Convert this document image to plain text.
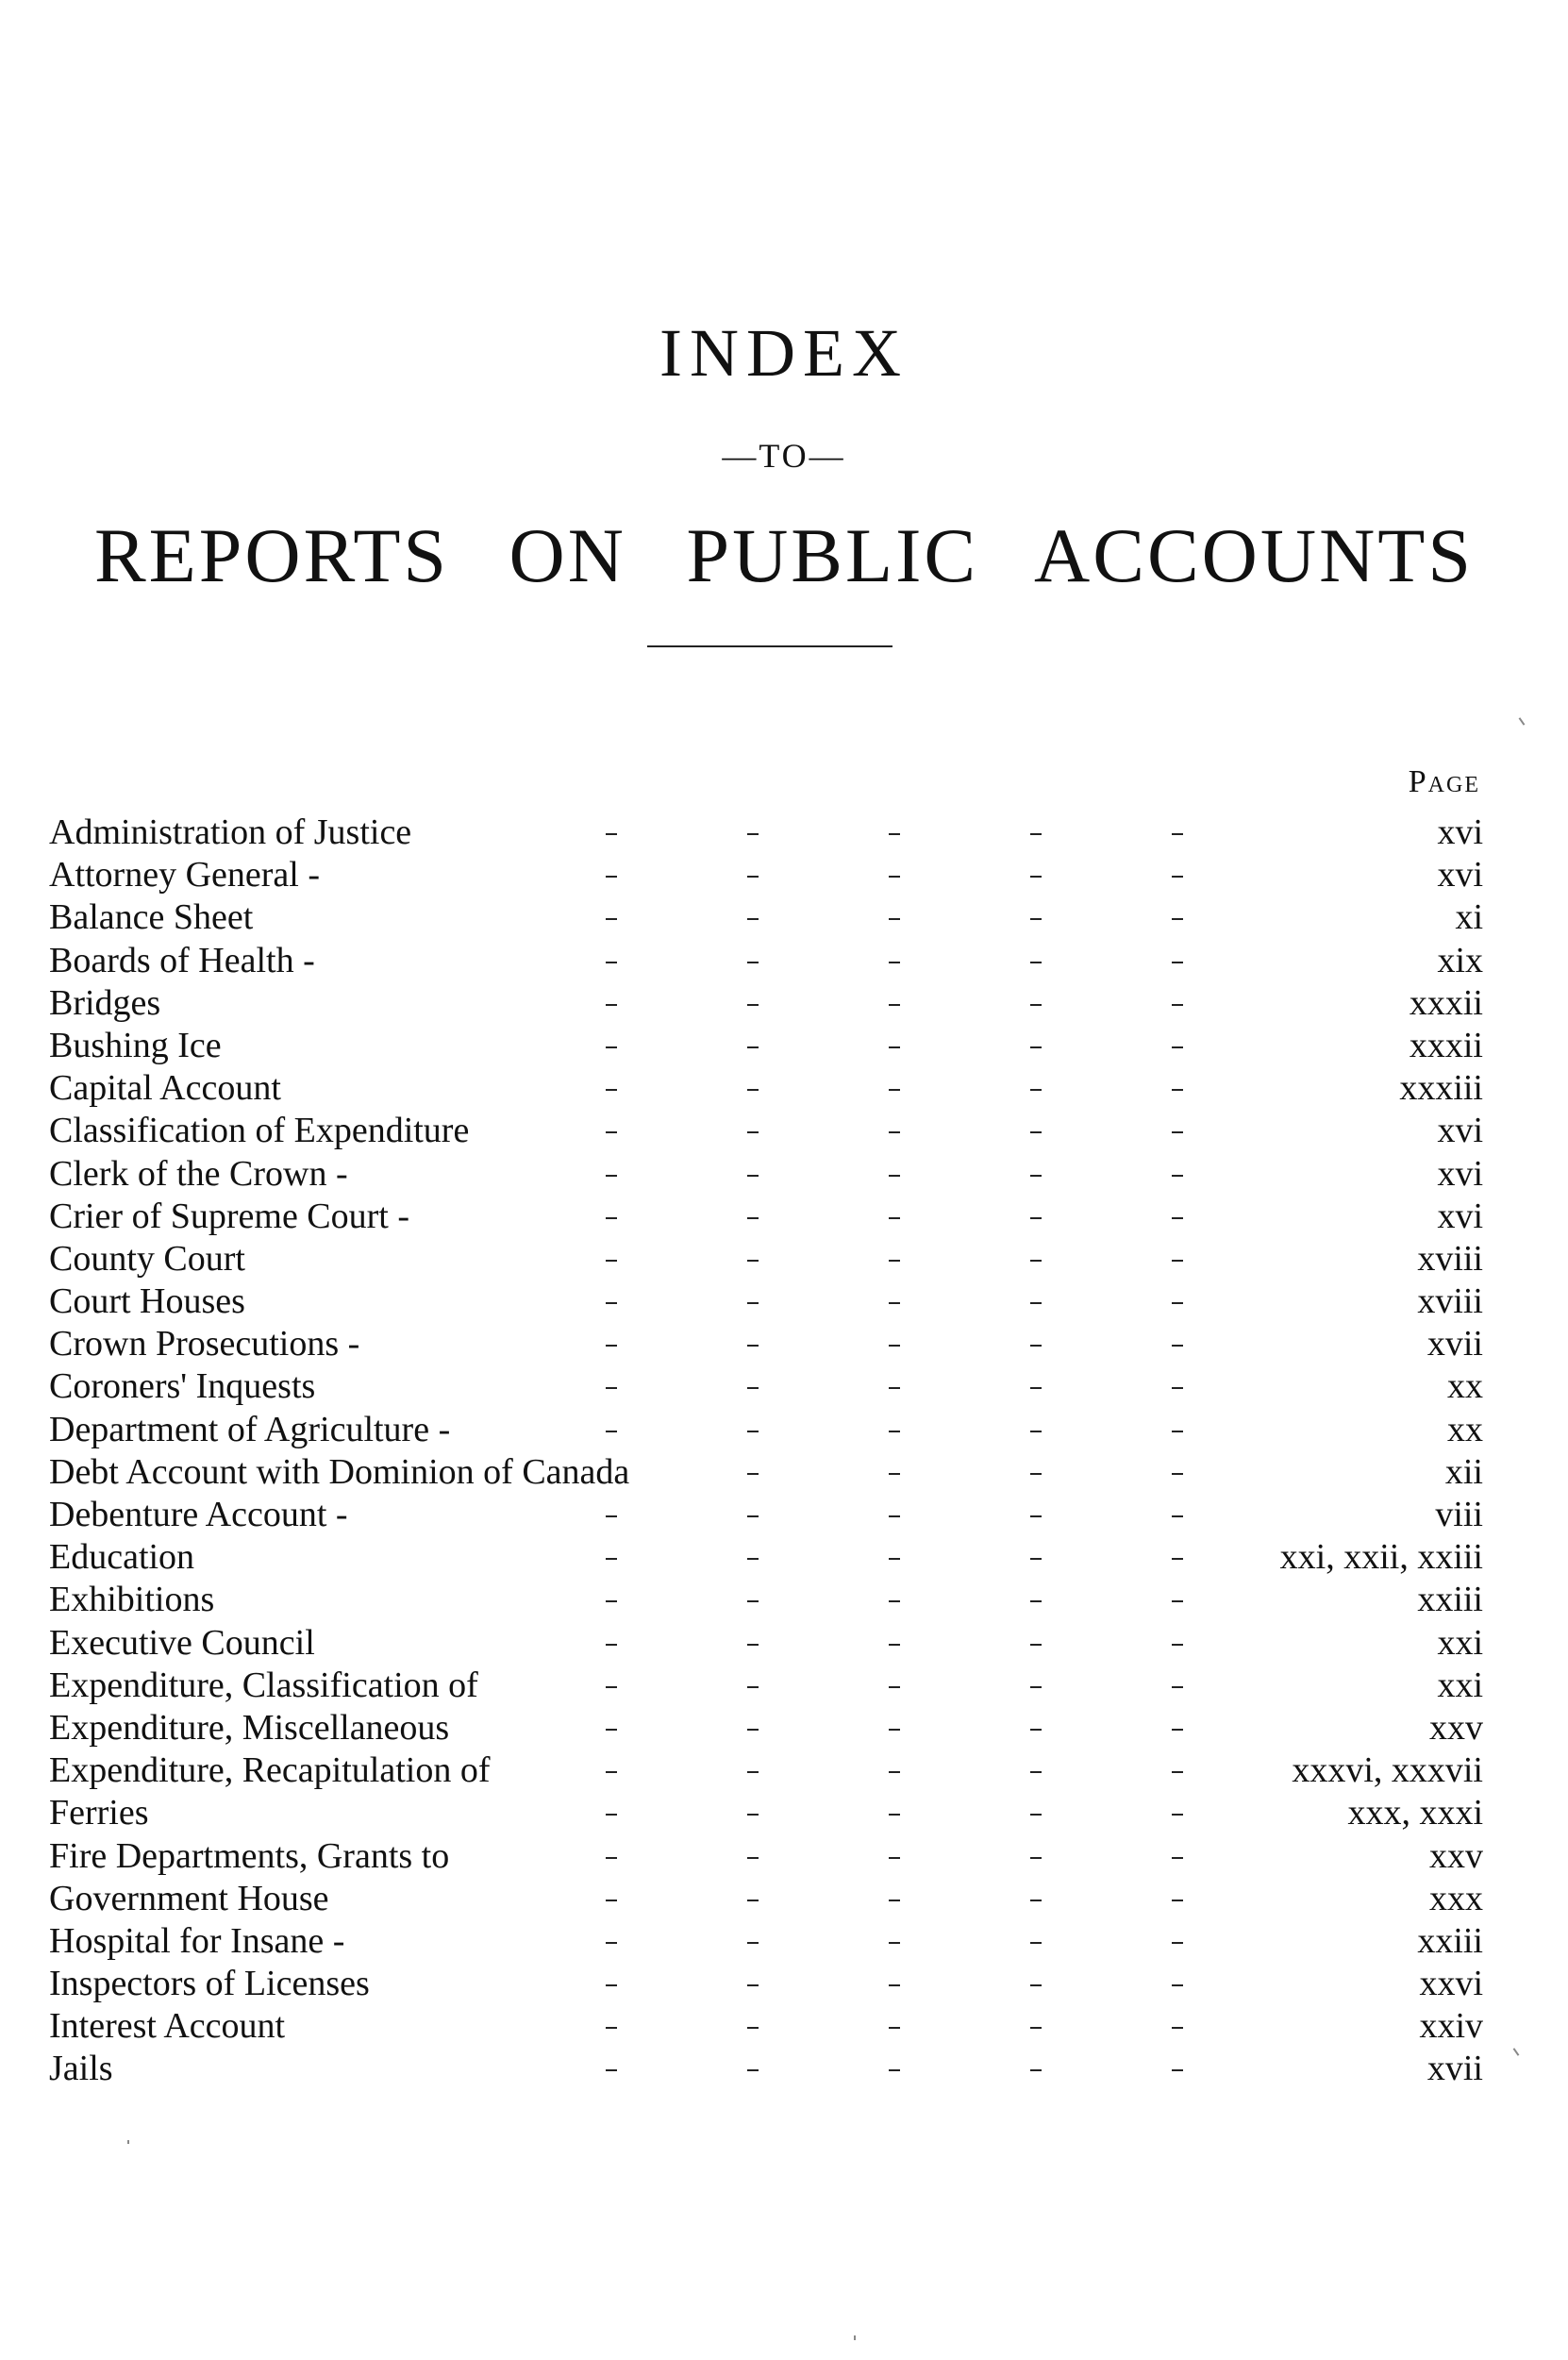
INDEX
—TO—
REPORTS ON PUBLIC ACCOUNTS
Page
Administration of Justice	xvi
Attorney General -	xvi
Balance Sheet	xi
Boards of Health -	xix
Bridges	xxxii
Bushing Ice	xxxii
Capital Account	xxxiii
Classification of Expenditure	xvi
Clerk of the Crown -	xvi
Crier of Supreme Court -	xvi
County Court	xviii
Court Houses	xviii
Crown Prosecutions -	xvii
Coroners' Inquests	xx
Department of Agriculture -	xx
Debt Account with Dominion of Canada	xii
Debenture Account -	viii
Education	xxi, xxii, xxiii
Exhibitions	xxiii
Executive Council	xxi
Expenditure, Classification of	xxi
Expenditure, Miscellaneous	xxv
Expenditure, Recapitulation of	xxxvi, xxxvii
Ferries	xxx, xxxi
Fire Departments, Grants to	xxv
Government House	xxx
Hospital for Insane -	xxiii
Inspectors of Licenses	xxvi
Interest Account	xxiv
Jails	xvii
